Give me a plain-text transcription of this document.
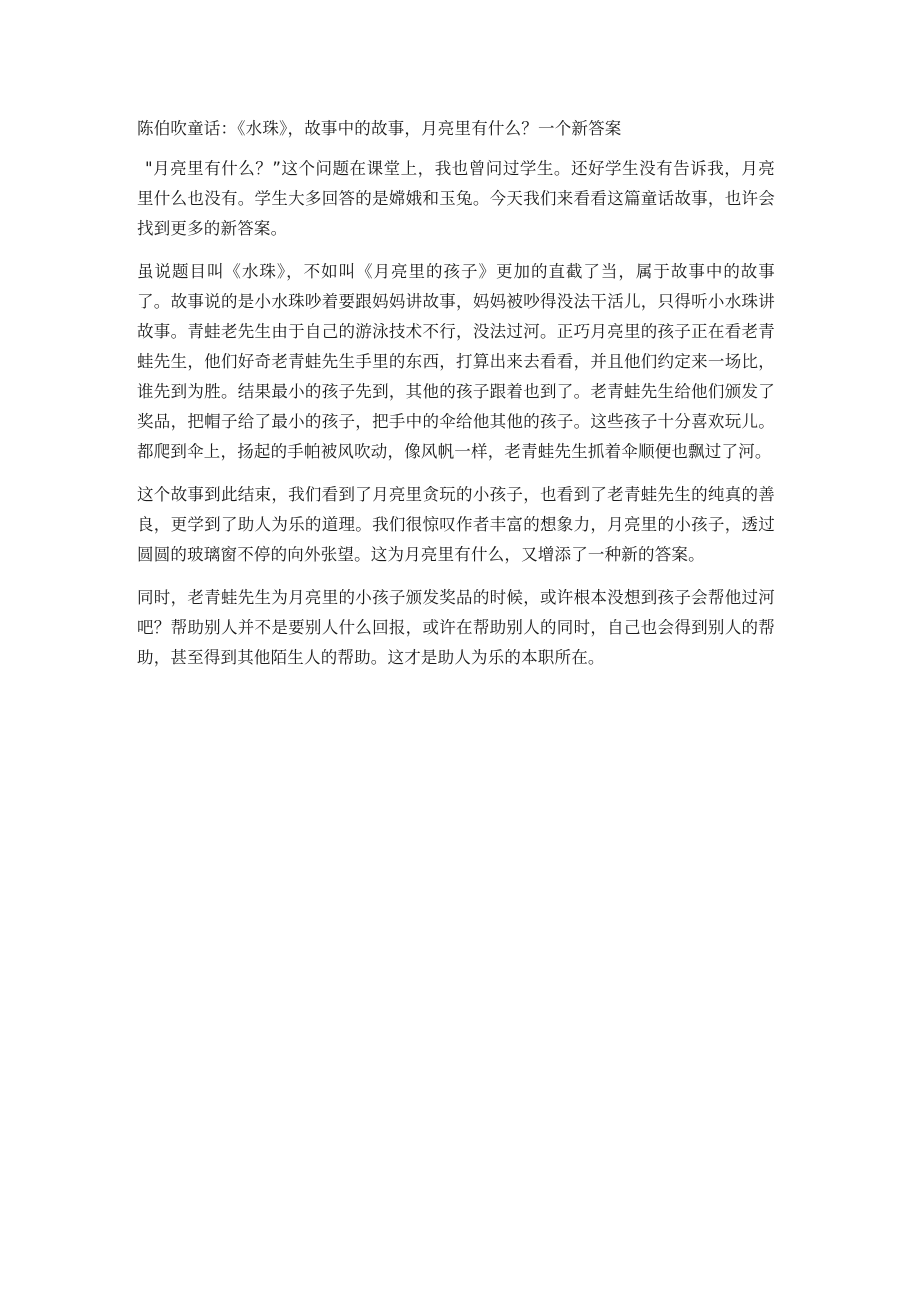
陈伯吹童话：《水珠》，故事中的故事，月亮里有什么？一个新答案

"月亮里有什么？”这个问题在课堂上，我也曾问过学生。还好学生没有告诉我，月亮里什么也没有。学生大多回答的是嫦娥和玉兔。今天我们来看看这篇童话故事，也许会找到更多的新答案。

虽说题目叫《水珠》，不如叫《月亮里的孩子》更加的直截了当，属于故事中的故事了。故事说的是小水珠吵着要跟妈妈讲故事，妈妈被吵得没法干活儿，只得听小水珠讲故事。青蛙老先生由于自己的游泳技术不行，没法过河。正巧月亮里的孩子正在看老青蛙先生，他们好奇老青蛙先生手里的东西，打算出来去看看，并且他们约定来一场比，谁先到为胜。结果最小的孩子先到，其他的孩子跟着也到了。老青蛙先生给他们颁发了奖品，把帽子给了最小的孩子，把手中的伞给他其他的孩子。这些孩子十分喜欢玩儿。都爬到伞上，扬起的手帕被风吹动，像风帆一样，老青蛙先生抓着伞顺便也飘过了河。

这个故事到此结束，我们看到了月亮里贪玩的小孩子，也看到了老青蛙先生的纯真的善良，更学到了助人为乐的道理。我们很惊叹作者丰富的想象力，月亮里的小孩子，透过圆圆的玻璃窗不停的向外张望。这为月亮里有什么，又增添了一种新的答案。

同时，老青蛙先生为月亮里的小孩子颁发奖品的时候，或许根本没想到孩子会帮他过河吧？帮助别人并不是要别人什么回报，或许在帮助别人的同时，自己也会得到别人的帮助，甚至得到其他陌生人的帮助。这才是助人为乐的本职所在。
